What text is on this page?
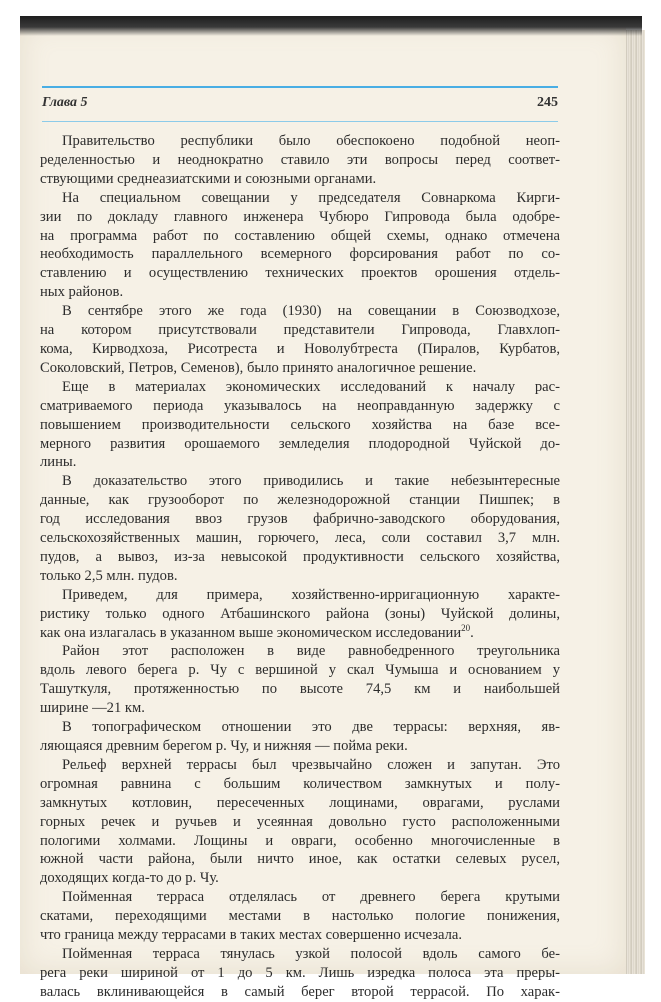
Глава 5	245
Правительство республики было обеспокоено подобной неоп-
ределенностью и неоднократно ставило эти вопросы перед соответ-
ствующими среднеазиатскими и союзными органами.
На специальном совещании у председателя Совнаркома Кирги-
зии по докладу главного инженера Чубюро Гипровода была одобре-
на программа работ по составлению общей схемы, однако отмечена
необходимость параллельного всемерного форсирования работ по со-
ставлению и осуществлению технических проектов орошения отдель-
ных районов.
В сентябре этого же года (1930) на совещании в Союзводхозе,
на котором присутствовали представители Гипровода, Главхлоп-
кома, Кирводхоза, Рисотреста и Новолубтреста (Пиралов, Курбатов,
Соколовский, Петров, Семенов), было принято аналогичное решение.
Еще в материалах экономических исследований к началу рас-
сматриваемого периода указывалось на неоправданную задержку с
повышением производительности сельского хозяйства на базе все-
мерного развития орошаемого земледелия плодородной Чуйской до-
лины.
В доказательство этого приводились и такие небезынтересные
данные, как грузооборот по железнодорожной станции Пишпек; в
год исследования ввоз грузов фабрично-заводского оборудования,
сельскохозяйственных машин, горючего, леса, соли составил 3,7 млн.
пудов, а вывоз, из-за невысокой продуктивности сельского хозяйства,
только 2,5 млн. пудов.
Приведем, для примера, хозяйственно-ирригационную характе-
ристику только одного Атбашинского района (зоны) Чуйской долины,
как она излагалась в указанном выше экономическом исследовании$^{20}$.
Район этот расположен в виде равнобедренного треугольника
вдоль левого берега р. Чу с вершиной у скал Чумыша и основанием у
Ташуткуля, протяженностью по высоте 74,5 км и наибольшей
ширине —21 км.
В топографическом отношении это две террасы: верхняя, яв-
ляющаяся древним берегом р. Чу, и нижняя — пойма реки.
Рельеф верхней террасы был чрезвычайно сложен и запутан. Это
огромная равнина с большим количеством замкнутых и полу-
замкнутых котловин, пересеченных лощинами, оврагами, руслами
горных речек и ручьев и усеянная довольно густо расположенными
пологими холмами. Лощины и овраги, особенно многочисленные в
южной части района, были ничто иное, как остатки селевых русел,
доходящих когда-то до р. Чу.
Пойменная терраса отделялась от древнего берега крутыми
скатами, переходящими местами в настолько пологие понижения,
что граница между террасами в таких местах совершенно исчезала.
Пойменная терраса тянулась узкой полосой вдоль самого бе-
рега реки шириной от 1 до 5 км. Лишь изредка полоса эта преры-
валась вклинивающейся в самый берег второй террасой. По харак-
